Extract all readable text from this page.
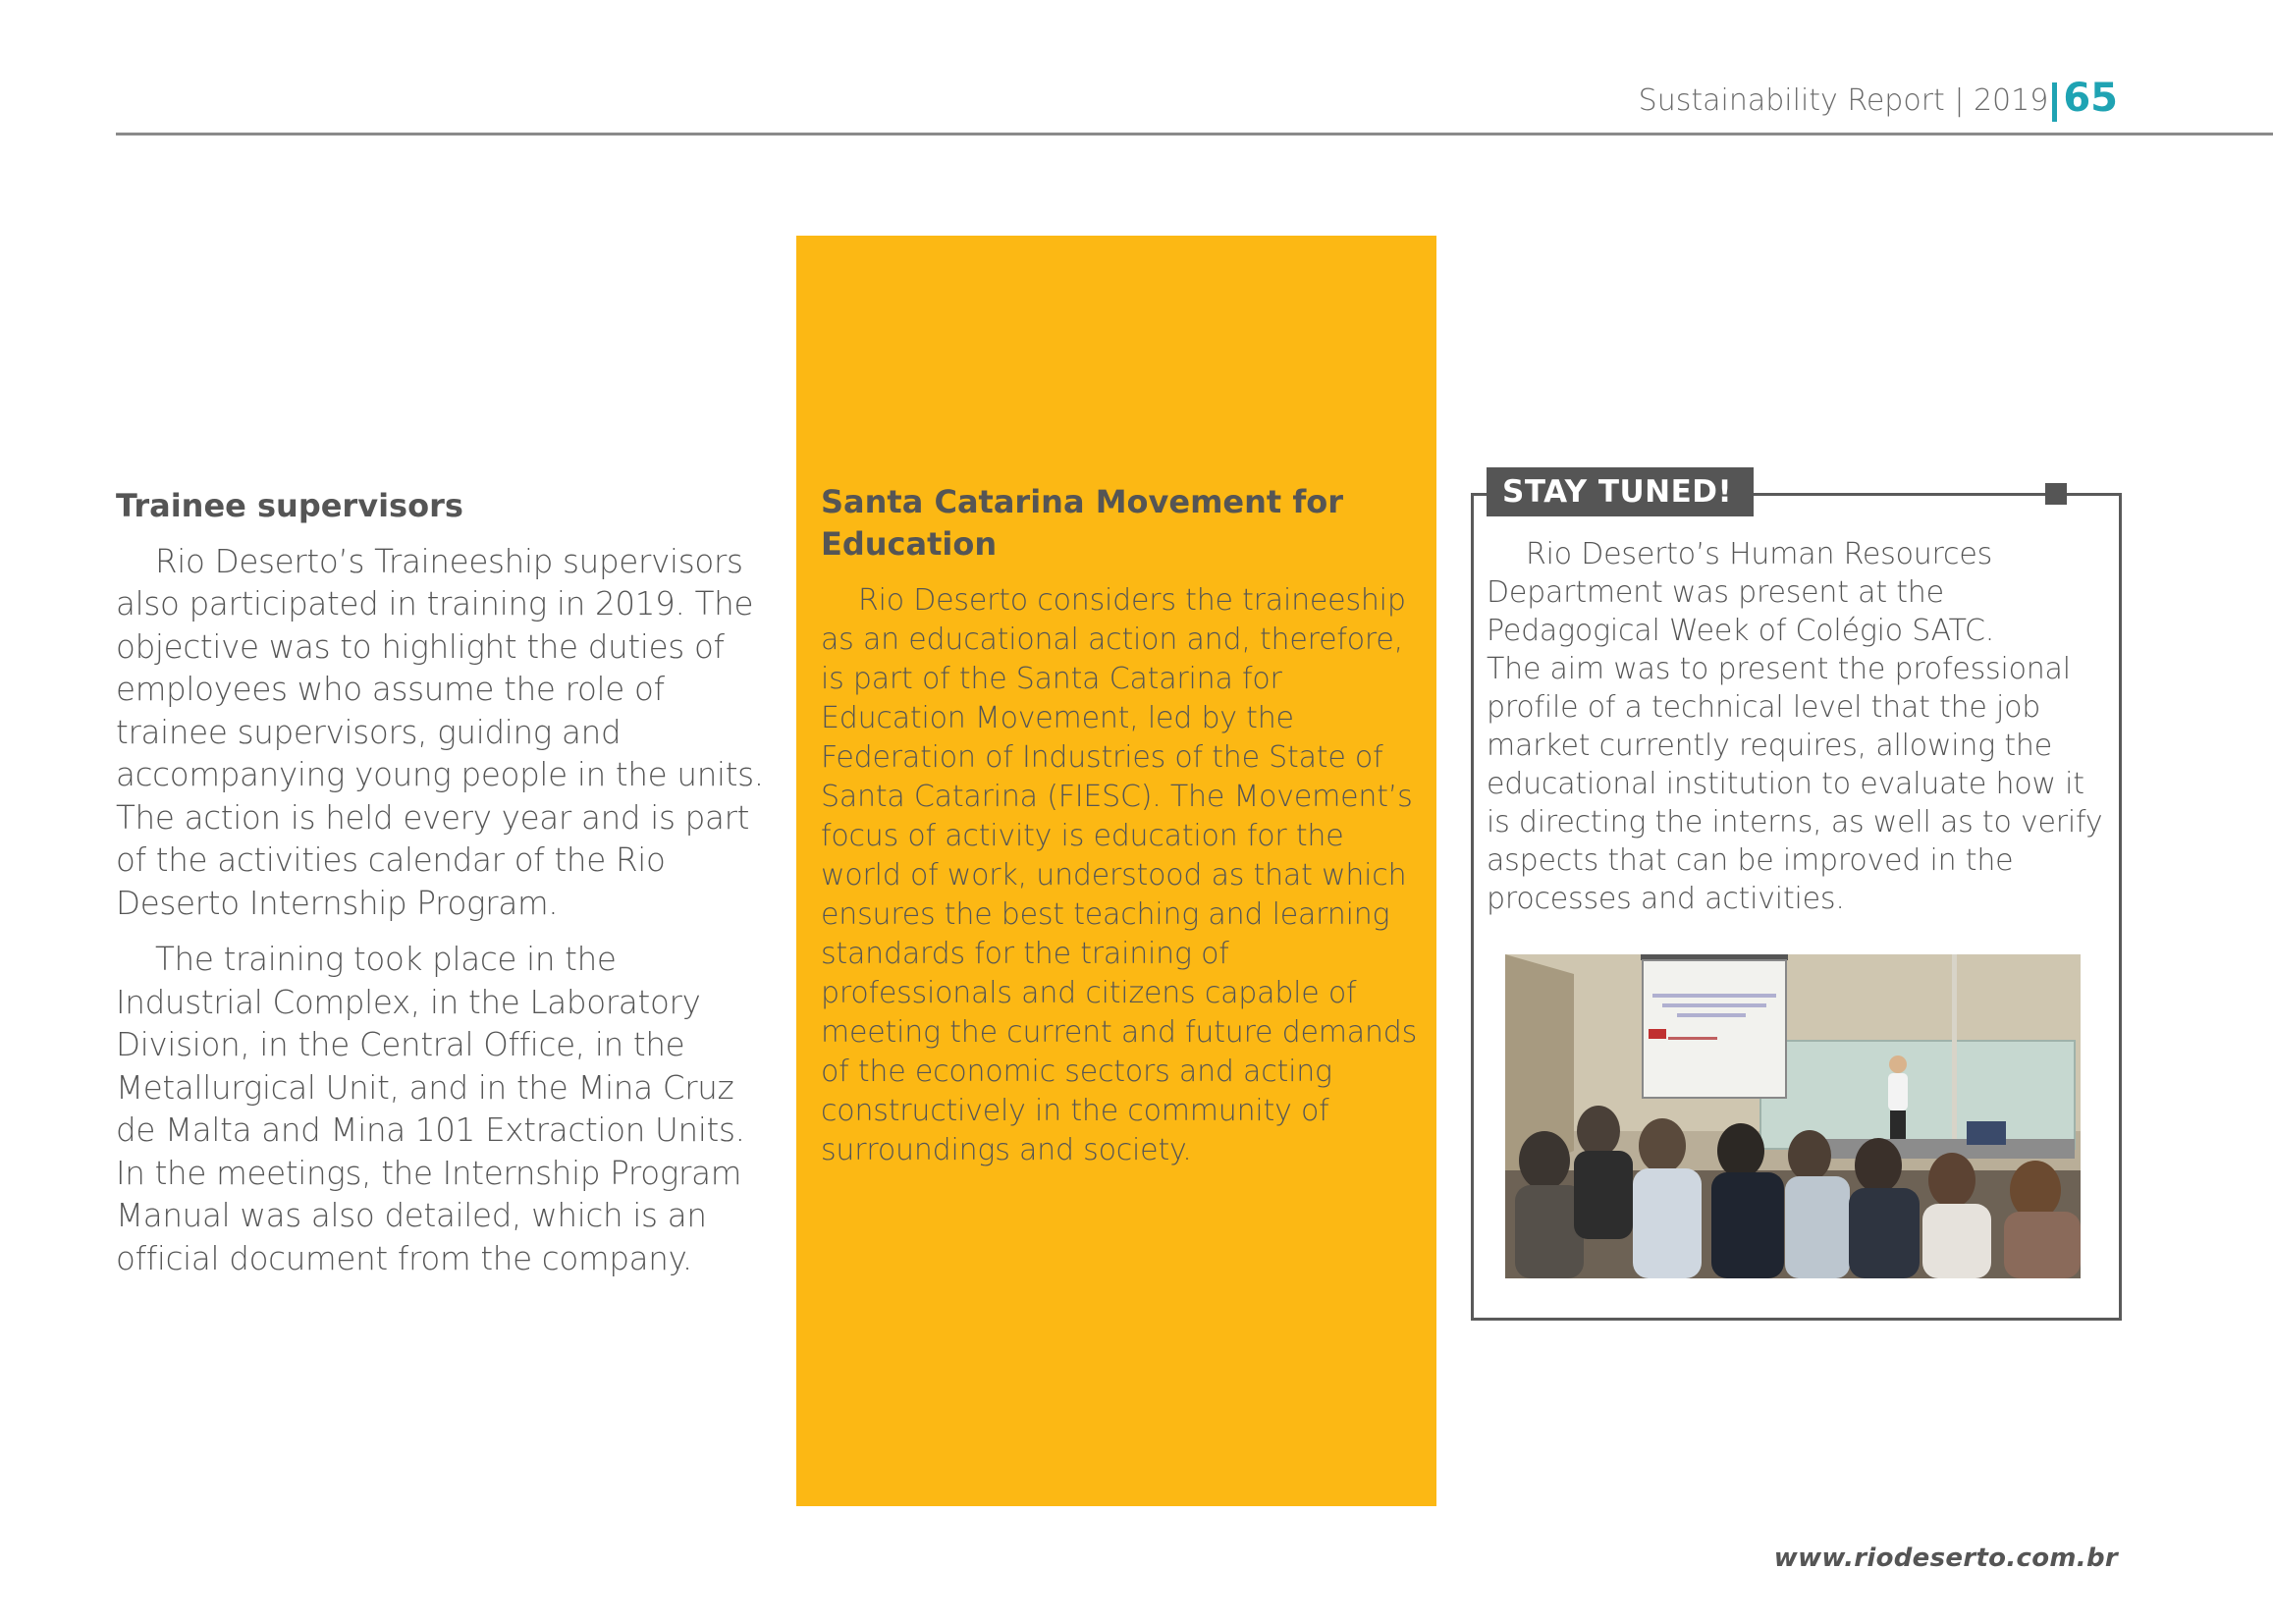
Sustainability Report | 2019 65
Trainee supervisors

Rio Deserto’s Traineeship supervisors also participated in training in 2019. The objective was to highlight the duties of employees who assume the role of trainee supervisors, guiding and accompanying young people in the units. The action is held every year and is part of the activities calendar of the Rio Deserto Internship Program.

The training took place in the Industrial Complex, in the Laboratory Division, in the Central Office, in the Metallurgical Unit, and in the Mina Cruz de Malta and Mina 101 Extraction Units. In the meetings, the Internship Program Manual was also detailed, which is an official document from the company.

Santa Catarina Movement for Education

Rio Deserto considers the traineeship as an educational action and, therefore, is part of the Santa Catarina for Education Movement, led by the Federation of Industries of the State of Santa Catarina (FIESC). The Movement’s focus of activity is education for the world of work, understood as that which ensures the best teaching and learning standards for the training of professionals and citizens capable of meeting the current and future demands of the economic sectors and acting constructively in the community of surroundings and society.

STAY TUNED!

Rio Deserto’s Human Resources Department was present at the Pedagogical Week of Colégio SATC.

The aim was to present the professional profile of a technical level that the job market currently requires, allowing the educational institution to evaluate how it is directing the interns, as well as to verify aspects that can be improved in the processes and activities.

www.riodeserto.com.br
